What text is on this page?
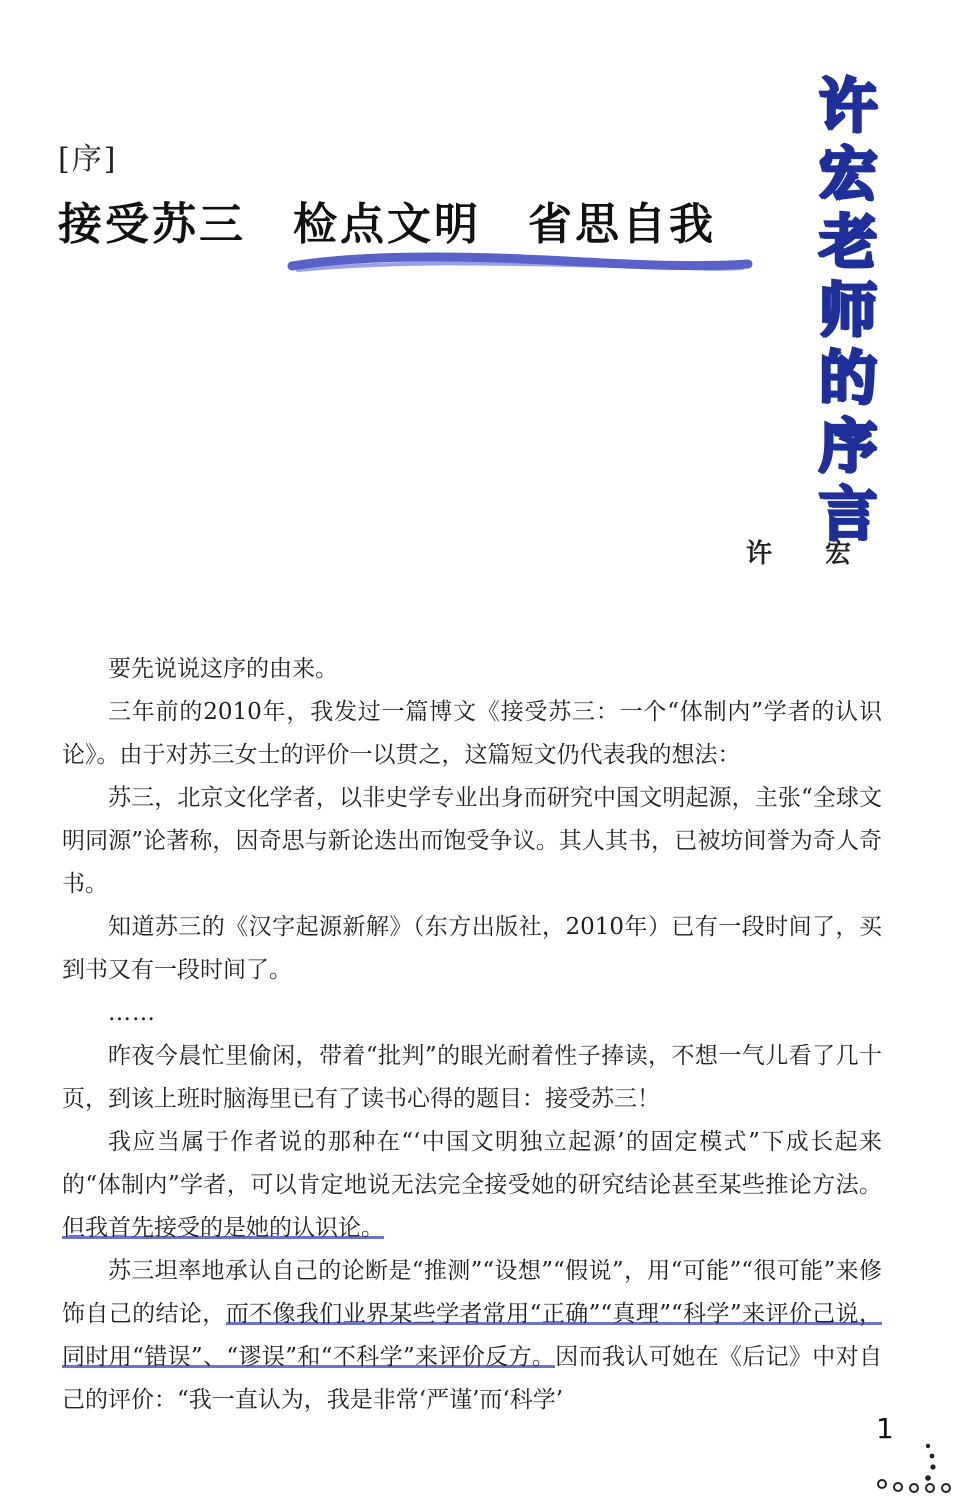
[序]
接受苏三　检点文明　省思自我
许
宏
老
师
的
序
言
许 宏

要先说说这序的由来。

三年前的2010年，我发过一篇博文《接受苏三：一个“体制内”学者的认识论》。由于对苏三女士的评价一以贯之，这篇短文仍代表我的想法：

苏三，北京文化学者，以非史学专业出身而研究中国文明起源，主张“全球文明同源”论著称，因奇思与新论迭出而饱受争议。其人其书，已被坊间誉为奇人奇书。

知道苏三的《汉字起源新解》（东方出版社，2010年）已有一段时间了，买到书又有一段时间了。

……

昨夜今晨忙里偷闲，带着“批判”的眼光耐着性子捧读，不想一气儿看了几十页，到该上班时脑海里已有了读书心得的题目：接受苏三！

我应当属于作者说的那种在“‘中国文明独立起源’的固定模式”下成长起来的“体制内”学者，可以肯定地说无法完全接受她的研究结论甚至某些推论方法。但我首先接受的是她的认识论。

苏三坦率地承认自己的论断是“推测”“设想”“假说”，用“可能”“很可能”来修饰自己的结论，而不像我们业界某些学者常用“正确”“真理”“科学”来评价己说，同时用“错误”、“谬误”和“不科学”来评价反方。因而我认可她在《后记》中对自己的评价：“我一直认为，我是非常‘严谨’而‘科学’

1
